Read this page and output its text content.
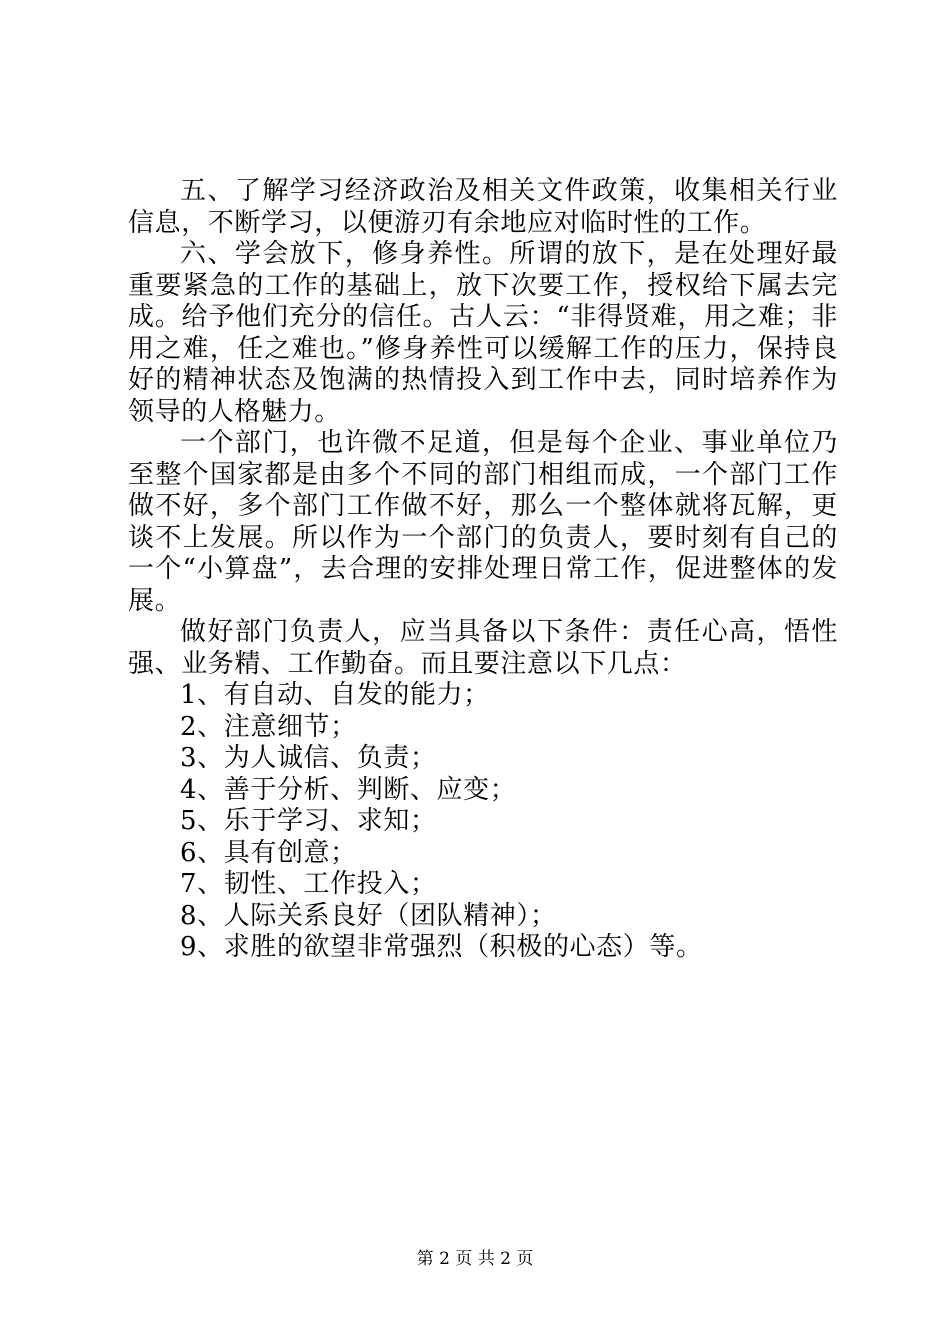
五、了解学习经济政治及相关文件政策，收集相关行业信息，不断学习，以便游刃有余地应对临时性的工作。

六、学会放下，修身养性。所谓的放下，是在处理好最重要紧急的工作的基础上，放下次要工作，授权给下属去完成。给予他们充分的信任。古人云：“非得贤难，用之难；非用之难，任之难也。”修身养性可以缓解工作的压力，保持良好的精神状态及饱满的热情投入到工作中去，同时培养作为领导的人格魅力。

一个部门，也许微不足道，但是每个企业、事业单位乃至整个国家都是由多个不同的部门相组而成，一个部门工作做不好，多个部门工作做不好，那么一个整体就将瓦解，更谈不上发展。所以作为一个部门的负责人，要时刻有自己的一个“小算盘”，去合理的安排处理日常工作，促进整体的发展。

做好部门负责人，应当具备以下条件：责任心高，悟性强、业务精、工作勤奋。而且要注意以下几点：

1、有自动、自发的能力；

2、注意细节；

3、为人诚信、负责；

4、善于分析、判断、应变；

5、乐于学习、求知；

6、具有创意；

7、韧性、工作投入；

8、人际关系良好（团队精神）；

9、求胜的欲望非常强烈（积极的心态）等。

第 2 页 共 2 页
